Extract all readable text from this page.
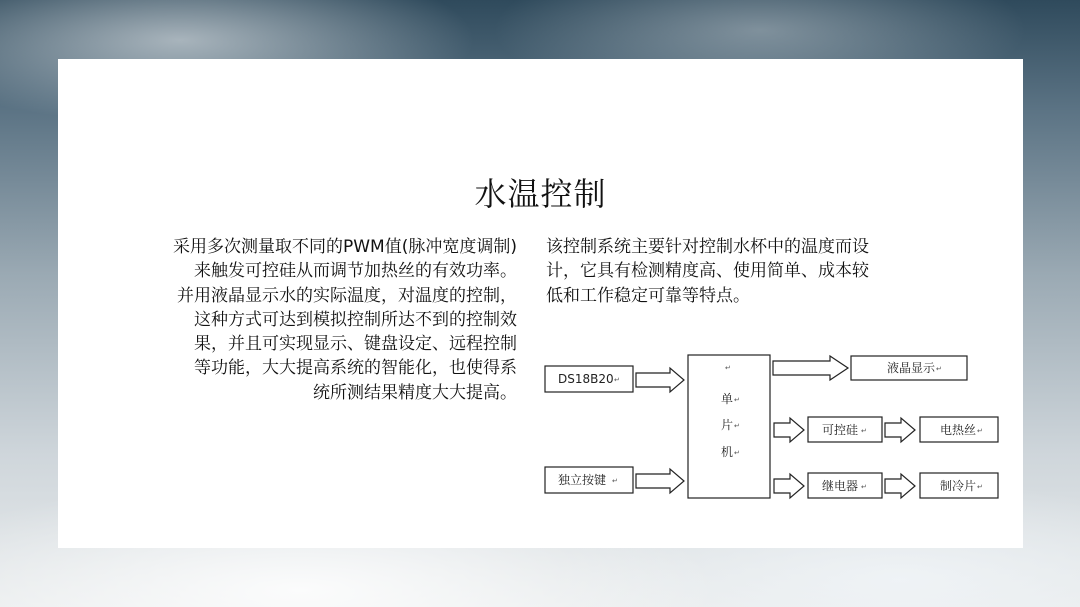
水温控制
采用多次测量取不同的PWM值(脉冲宽度调制)
来触发可控硅从而调节加热丝的有效功率。
并用液晶显示水的实际温度，对温度的控制，
这种方式可达到模拟控制所达不到的控制效
果，并且可实现显示、键盘设定、远程控制
等功能，大大提高系统的智能化，也使得系
统所测结果精度大大提高。
该控制系统主要针对控制水杯中的温度而设
计，它具有检测精度高、使用简单、成本较
低和工作稳定可靠等特点。
DS18B20 ↵
独立按键 ↵
↵
单 ↵
片 ↵
机 ↵
液晶显示 ↵
可控硅 ↵	电热丝 ↵
继电器 ↵	制冷片 ↵
